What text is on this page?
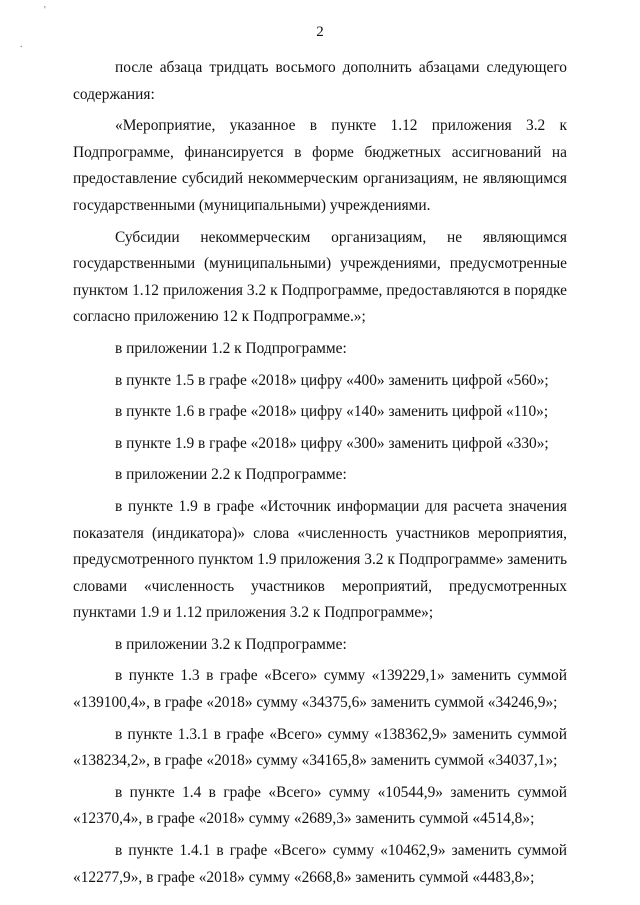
'
.
2

после абзаца тридцать восьмого дополнить абзацами следующего содержания:

«Мероприятие, указанное в пункте 1.12 приложения 3.2 к Подпрограмме, финансируется в форме бюджетных ассигнований на предоставление субсидий некоммерческим организациям, не являющимся государственными (муниципальными) учреждениями.

Субсидии некоммерческим организациям, не являющимся государственными (муниципальными) учреждениями, предусмотренные пунктом 1.12 приложения 3.2 к Подпрограмме, предоставляются в порядке согласно приложению 12 к Подпрограмме.»;

в приложении 1.2 к Подпрограмме:

в пункте 1.5 в графе «2018» цифру «400» заменить цифрой «560»;

в пункте 1.6 в графе «2018» цифру «140» заменить цифрой «110»;

в пункте 1.9 в графе «2018» цифру «300» заменить цифрой «330»;

в приложении 2.2 к Подпрограмме:

в пункте 1.9 в графе «Источник информации для расчета значения показателя (индикатора)» слова «численность участников мероприятия, предусмотренного пунктом 1.9 приложения 3.2 к Подпрограмме» заменить словами «численность участников мероприятий, предусмотренных пунктами 1.9 и 1.12 приложения 3.2 к Подпрограмме»;

в приложении 3.2 к Подпрограмме:

в пункте 1.3 в графе «Всего» сумму «139229,1» заменить суммой «139100,4», в графе «2018» сумму «34375,6» заменить суммой «34246,9»;

в пункте 1.3.1 в графе «Всего» сумму «138362,9» заменить суммой «138234,2», в графе «2018» сумму «34165,8» заменить суммой «34037,1»;

в пункте 1.4 в графе «Всего» сумму «10544,9» заменить суммой «12370,4», в графе «2018» сумму «2689,3» заменить суммой «4514,8»;

в пункте 1.4.1 в графе «Всего» сумму «10462,9» заменить суммой «12277,9», в графе «2018» сумму «2668,8» заменить суммой «4483,8»;
